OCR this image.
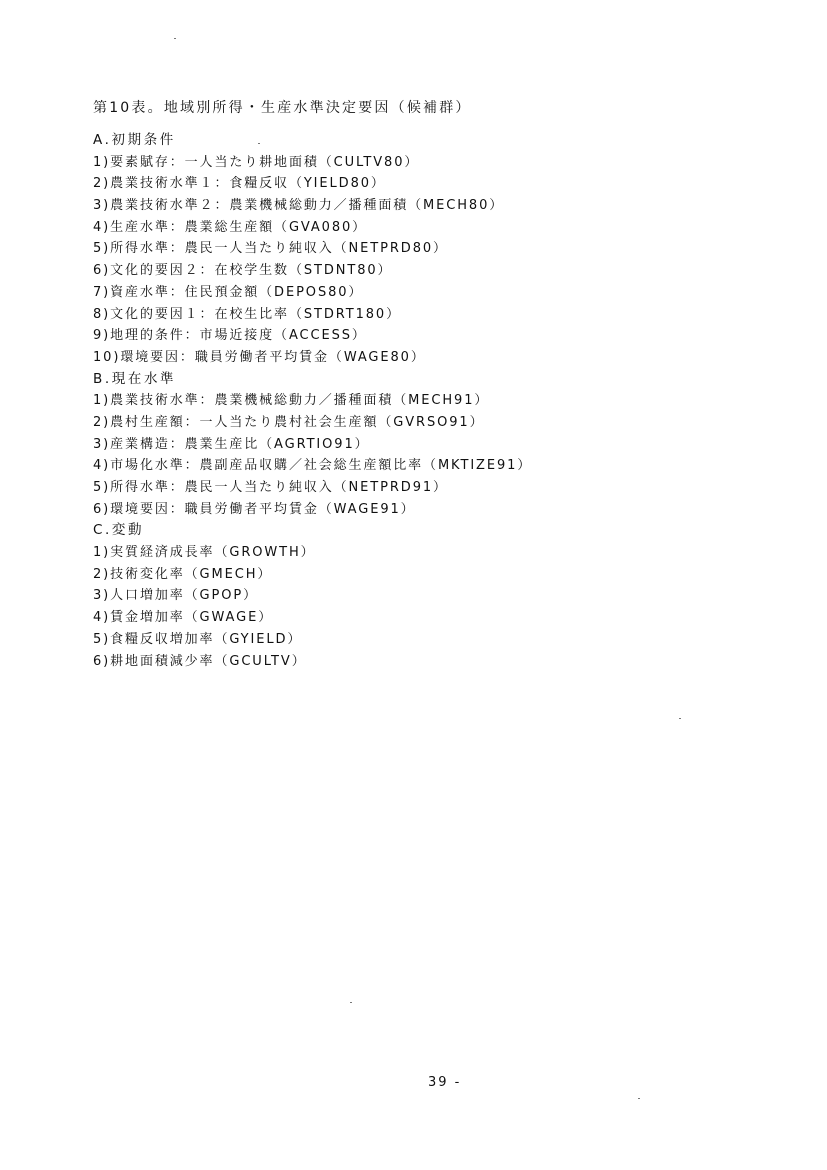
第10表。地域別所得・生産水準決定要因（候補群）
A.初期条件
1)要素賦存：一人当たり耕地面積（CULTV80）
2)農業技術水準１：食糧反収（YIELD80）
3)農業技術水準２：農業機械総動力／播種面積（MECH80）
4)生産水準：農業総生産額（GVA080）
5)所得水準：農民一人当たり純収入（NETPRD80）
6)文化的要因２：在校学生数（STDNT80）
7)資産水準：住民預金額（DEPOS80）
8)文化的要因１：在校生比率（STDRT180）
9)地理的条件：市場近接度（ACCESS）
10)環境要因：職員労働者平均賃金（WAGE80）
B.現在水準
1)農業技術水準：農業機械総動力／播種面積（MECH91）
2)農村生産額：一人当たり農村社会生産額（GVRSO91）
3)産業構造：農業生産比（AGRTIO91）
4)市場化水準：農副産品収購／社会総生産額比率（MKTIZE91）
5)所得水準：農民一人当たり純収入（NETPRD91）
6)環境要因：職員労働者平均賃金（WAGE91）
C.変動
1)実質経済成長率（GROWTH）
2)技術変化率（GMECH）
3)人口増加率（GPOP）
4)賃金増加率（GWAGE）
5)食糧反収増加率（GYIELD）
6)耕地面積減少率（GCULTV）
39 -
